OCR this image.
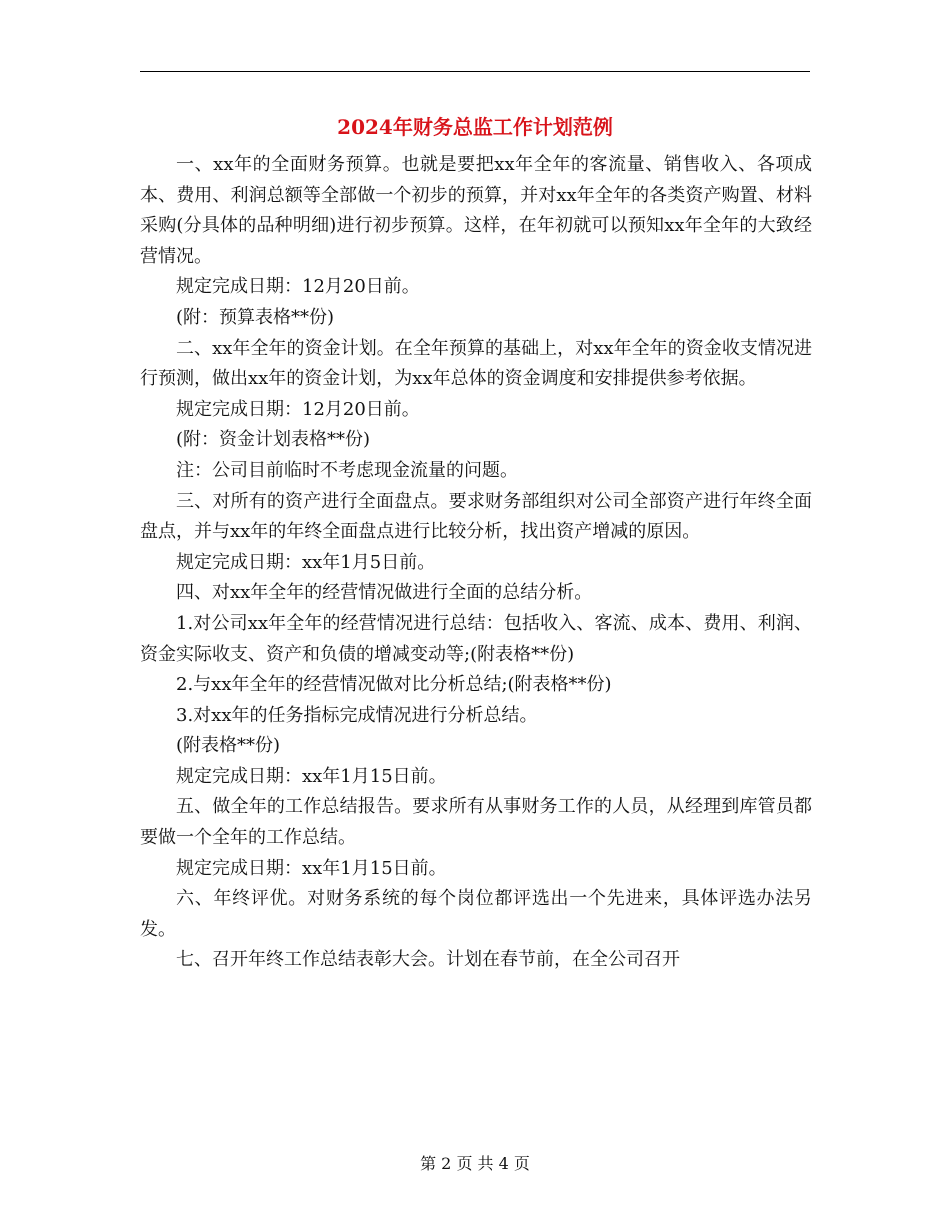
2024年财务总监工作计划范例

一、xx年的全面财务预算。也就是要把xx年全年的客流量、销售收入、各项成本、费用、利润总额等全部做一个初步的预算，并对xx年全年的各类资产购置、材料采购(分具体的品种明细)进行初步预算。这样，在年初就可以预知xx年全年的大致经营情况。

规定完成日期：12月20日前。

(附：预算表格**份)

二、xx年全年的资金计划。在全年预算的基础上，对xx年全年的资金收支情况进行预测，做出xx年的资金计划，为xx年总体的资金调度和安排提供参考依据。

规定完成日期：12月20日前。

(附：资金计划表格**份)

注：公司目前临时不考虑现金流量的问题。

三、对所有的资产进行全面盘点。要求财务部组织对公司全部资产进行年终全面盘点，并与xx年的年终全面盘点进行比较分析，找出资产增减的原因。

规定完成日期：xx年1月5日前。

四、对xx年全年的经营情况做进行全面的总结分析。

1.对公司xx年全年的经营情况进行总结：包括收入、客流、成本、费用、利润、资金实际收支、资产和负债的增减变动等;(附表格**份)

2.与xx年全年的经营情况做对比分析总结;(附表格**份)

3.对xx年的任务指标完成情况进行分析总结。

(附表格**份)

规定完成日期：xx年1月15日前。

五、做全年的工作总结报告。要求所有从事财务工作的人员，从经理到库管员都要做一个全年的工作总结。

规定完成日期：xx年1月15日前。

六、年终评优。对财务系统的每个岗位都评选出一个先进来，具体评选办法另发。

七、召开年终工作总结表彰大会。计划在春节前，在全公司召开

第 2 页 共 4 页
